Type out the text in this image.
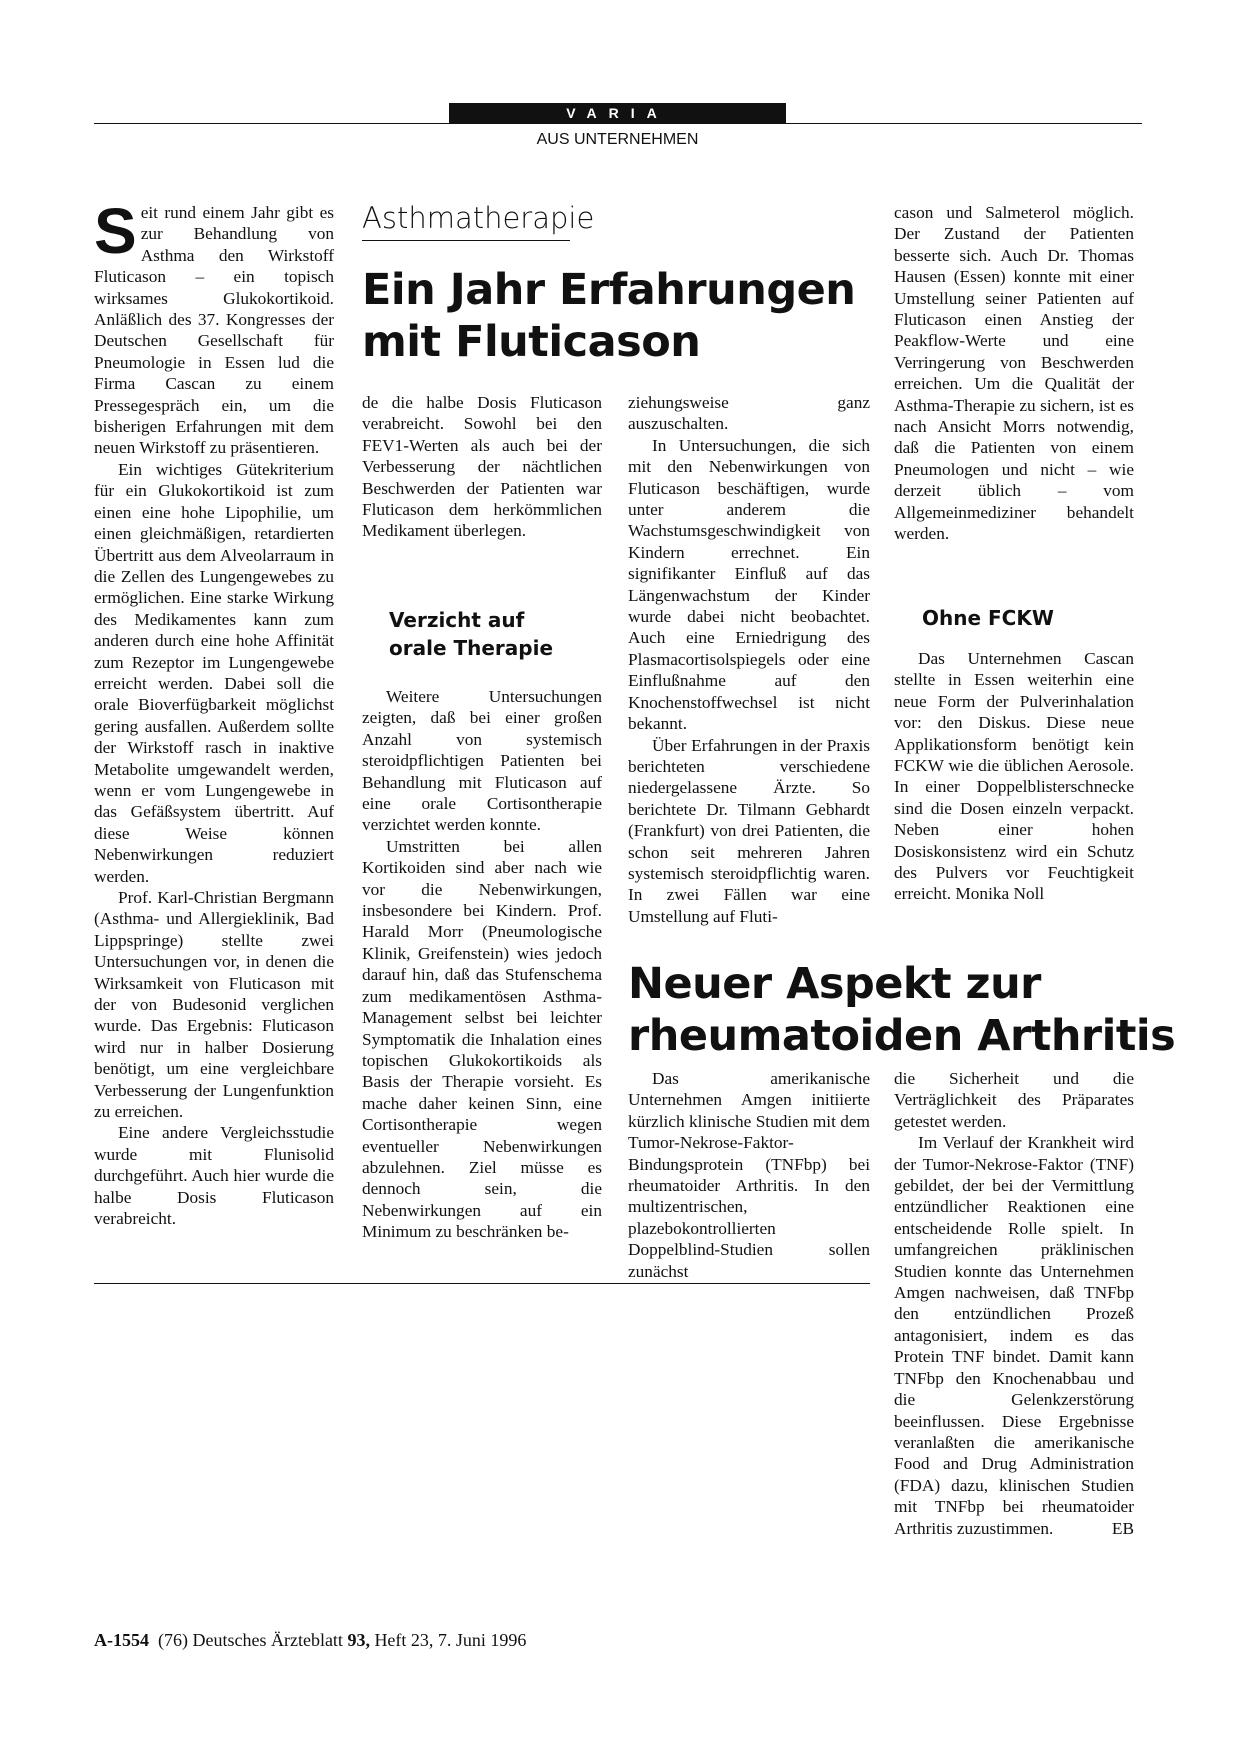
VARIA
AUS UNTERNEHMEN
Asthmatherapie
Ein Jahr Erfahrungen
mit Fluticason

Seit rund einem Jahr gibt es zur Behandlung von Asthma den Wirkstoff Fluticason – ein topisch wirksames Glukokortikoid. Anläßlich des 37. Kongresses der Deutschen Gesellschaft für Pneumologie in Essen lud die Firma Cascan zu einem Pressegespräch ein, um die bisherigen Erfahrungen mit dem neuen Wirkstoff zu präsentieren.

Ein wichtiges Gütekriterium für ein Glukokortikoid ist zum einen eine hohe Lipophilie, um einen gleichmäßigen, retardierten Übertritt aus dem Alveolarraum in die Zellen des Lungengewebes zu ermöglichen. Eine starke Wirkung des Medikamentes kann zum anderen durch eine hohe Affinität zum Rezeptor im Lungengewebe erreicht werden. Dabei soll die orale Bioverfügbarkeit möglichst gering ausfallen. Außerdem sollte der Wirkstoff rasch in inaktive Metabolite umgewandelt werden, wenn er vom Lungengewebe in das Gefäßsystem übertritt. Auf diese Weise können Nebenwirkungen reduziert werden.

Prof. Karl-Christian Bergmann (Asthma- und Allergieklinik, Bad Lippspringe) stellte zwei Untersuchungen vor, in denen die Wirksamkeit von Fluticason mit der von Budesonid verglichen wurde. Das Ergebnis: Fluticason wird nur in halber Dosierung benötigt, um eine vergleichbare Verbesserung der Lungenfunktion zu erreichen.

Eine andere Vergleichsstudie wurde mit Flunisolid durchgeführt. Auch hier wurde die halbe Dosis Fluticason verabreicht.

de die halbe Dosis Fluticason verabreicht. Sowohl bei den FEV1-Werten als auch bei der Verbesserung der nächtlichen Beschwerden der Patienten war Fluticason dem herkömmlichen Medikament überlegen.

Verzicht auf
orale Therapie

Weitere Untersuchungen zeigten, daß bei einer großen Anzahl von systemisch steroidpflichtigen Patienten bei Behandlung mit Fluticason auf eine orale Cortisontherapie verzichtet werden konnte.

Umstritten bei allen Kortikoiden sind aber nach wie vor die Nebenwirkungen, insbesondere bei Kindern. Prof. Harald Morr (Pneumologische Klinik, Greifenstein) wies jedoch darauf hin, daß das Stufenschema zum medikamentösen Asthma-Management selbst bei leichter Symptomatik die Inhalation eines topischen Glukokortikoids als Basis der Therapie vorsieht. Es mache daher keinen Sinn, eine Cortisontherapie wegen eventueller Nebenwirkungen abzulehnen. Ziel müsse es dennoch sein, die Nebenwirkungen auf ein Minimum zu beschränken be-

ziehungsweise ganz auszuschalten.

In Untersuchungen, die sich mit den Nebenwirkungen von Fluticason beschäftigen, wurde unter anderem die Wachstumsgeschwindigkeit von Kindern errechnet. Ein signifikanter Einfluß auf das Längenwachstum der Kinder wurde dabei nicht beobachtet. Auch eine Erniedrigung des Plasmacortisolspiegels oder eine Einflußnahme auf den Knochenstoffwechsel ist nicht bekannt.

Über Erfahrungen in der Praxis berichteten verschiedene niedergelassene Ärzte. So berichtete Dr. Tilmann Gebhardt (Frankfurt) von drei Patienten, die schon seit mehreren Jahren systemisch steroidpflichtig waren. In zwei Fällen war eine Umstellung auf Fluti-

cason und Salmeterol möglich. Der Zustand der Patienten besserte sich. Auch Dr. Thomas Hausen (Essen) konnte mit einer Umstellung seiner Patienten auf Fluticason einen Anstieg der Peakflow-Werte und eine Verringerung von Beschwerden erreichen. Um die Qualität der Asthma-Therapie zu sichern, ist es nach Ansicht Morrs notwendig, daß die Patienten von einem Pneumologen und nicht – wie derzeit üblich – vom Allgemeinmediziner behandelt werden.

Ohne FCKW

Das Unternehmen Cascan stellte in Essen weiterhin eine neue Form der Pulverinhalation vor: den Diskus. Diese neue Applikationsform benötigt kein FCKW wie die üblichen Aerosole. In einer Doppelblisterschnecke sind die Dosen einzeln verpackt. Neben einer hohen Dosiskonsistenz wird ein Schutz des Pulvers vor Feuchtigkeit erreicht. Monika Noll

Neuer Aspekt zur
rheumatoiden Arthritis

Das amerikanische Unternehmen Amgen initiierte kürzlich klinische Studien mit dem Tumor-Nekrose-Faktor-Bindungsprotein (TNFbp) bei rheumatoider Arthritis. In den multizentrischen, plazebokontrollierten Doppelblind-Studien sollen zunächst

die Sicherheit und die Verträglichkeit des Präparates getestet werden.

Im Verlauf der Krankheit wird der Tumor-Nekrose-Faktor (TNF) gebildet, der bei der Vermittlung entzündlicher Reaktionen eine entscheidende Rolle spielt. In umfangreichen präklinischen Studien konnte das Unternehmen Amgen nachweisen, daß TNFbp den entzündlichen Prozeß antagonisiert, indem es das Protein TNF bindet. Damit kann TNFbp den Knochenabbau und die Gelenkzerstörung beeinflussen. Diese Ergebnisse veranlaßten die amerikanische Food and Drug Administration (FDA) dazu, klinischen Studien mit TNFbp bei rheumatoider Arthritis zuzustimmen.	EB

A-1554 (76) Deutsches Ärzteblatt 93, Heft 23, 7. Juni 1996
